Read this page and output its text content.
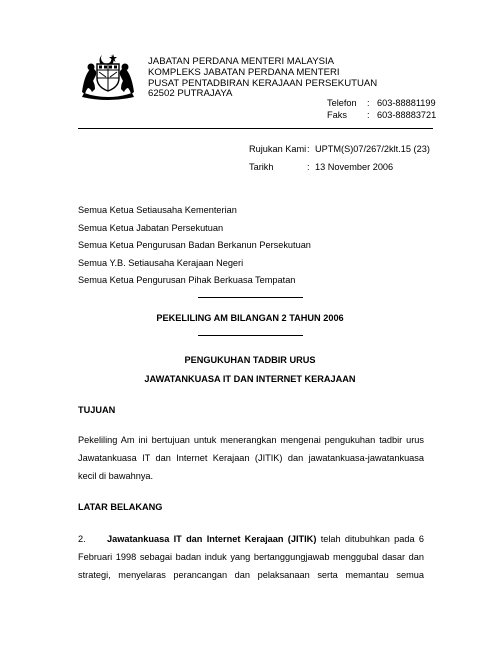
JABATAN PERDANA MENTERI MALAYSIA
KOMPLEKS JABATAN PERDANA MENTERI
PUSAT PENTADBIRAN KERAJAAN PERSEKUTUAN
62502 PUTRAJAYA
Telefon	: 603-88881199
Faks	: 603-88883721
Rujukan Kami : UPTM(S)07/267/2klt.15 (23)
Tarikh	: 13 November 2006
Semua Ketua Setiausaha Kementerian
Semua Ketua Jabatan Persekutuan
Semua Ketua Pengurusan Badan Berkanun Persekutuan
Semua Y.B. Setiausaha Kerajaan Negeri
Semua Ketua Pengurusan Pihak Berkuasa Tempatan
PEKELILING AM BILANGAN 2 TAHUN 2006
PENGUKUHAN TADBIR URUS
JAWATANKUASA IT DAN INTERNET KERAJAAN
TUJUAN
Pekeliling Am ini bertujuan untuk menerangkan mengenai pengukuhan tadbir urus
Jawatankuasa IT dan Internet Kerajaan (JITIK) dan jawatankuasa-jawatankuasa
kecil di bawahnya.
LATAR BELAKANG
2. Jawatankuasa IT dan Internet Kerajaan (JITIK) telah ditubuhkan pada 6
Februari 1998 sebagai badan induk yang bertanggungjawab menggubal dasar dan
strategi, menyelaras perancangan dan pelaksanaan serta memantau semua
